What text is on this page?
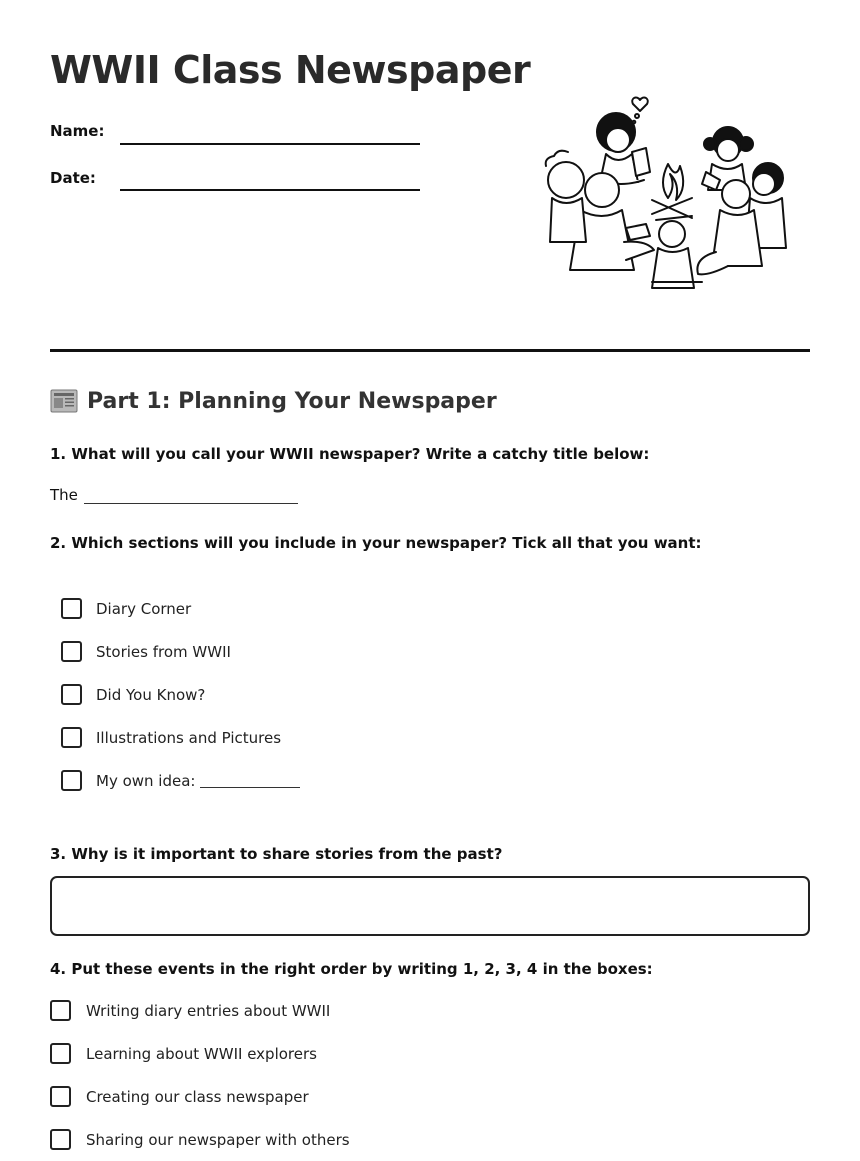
WWII Class Newspaper
Name:
Date:
Part 1: Planning Your Newspaper
1. What will you call your WWII newspaper? Write a catchy title below:
The
2. Which sections will you include in your newspaper? Tick all that you want:
Diary Corner
Stories from WWII
Did You Know?
Illustrations and Pictures
My own idea:
3. Why is it important to share stories from the past?
4. Put these events in the right order by writing 1, 2, 3, 4 in the boxes:
Writing diary entries about WWII
Learning about WWII explorers
Creating our class newspaper
Sharing our newspaper with others
